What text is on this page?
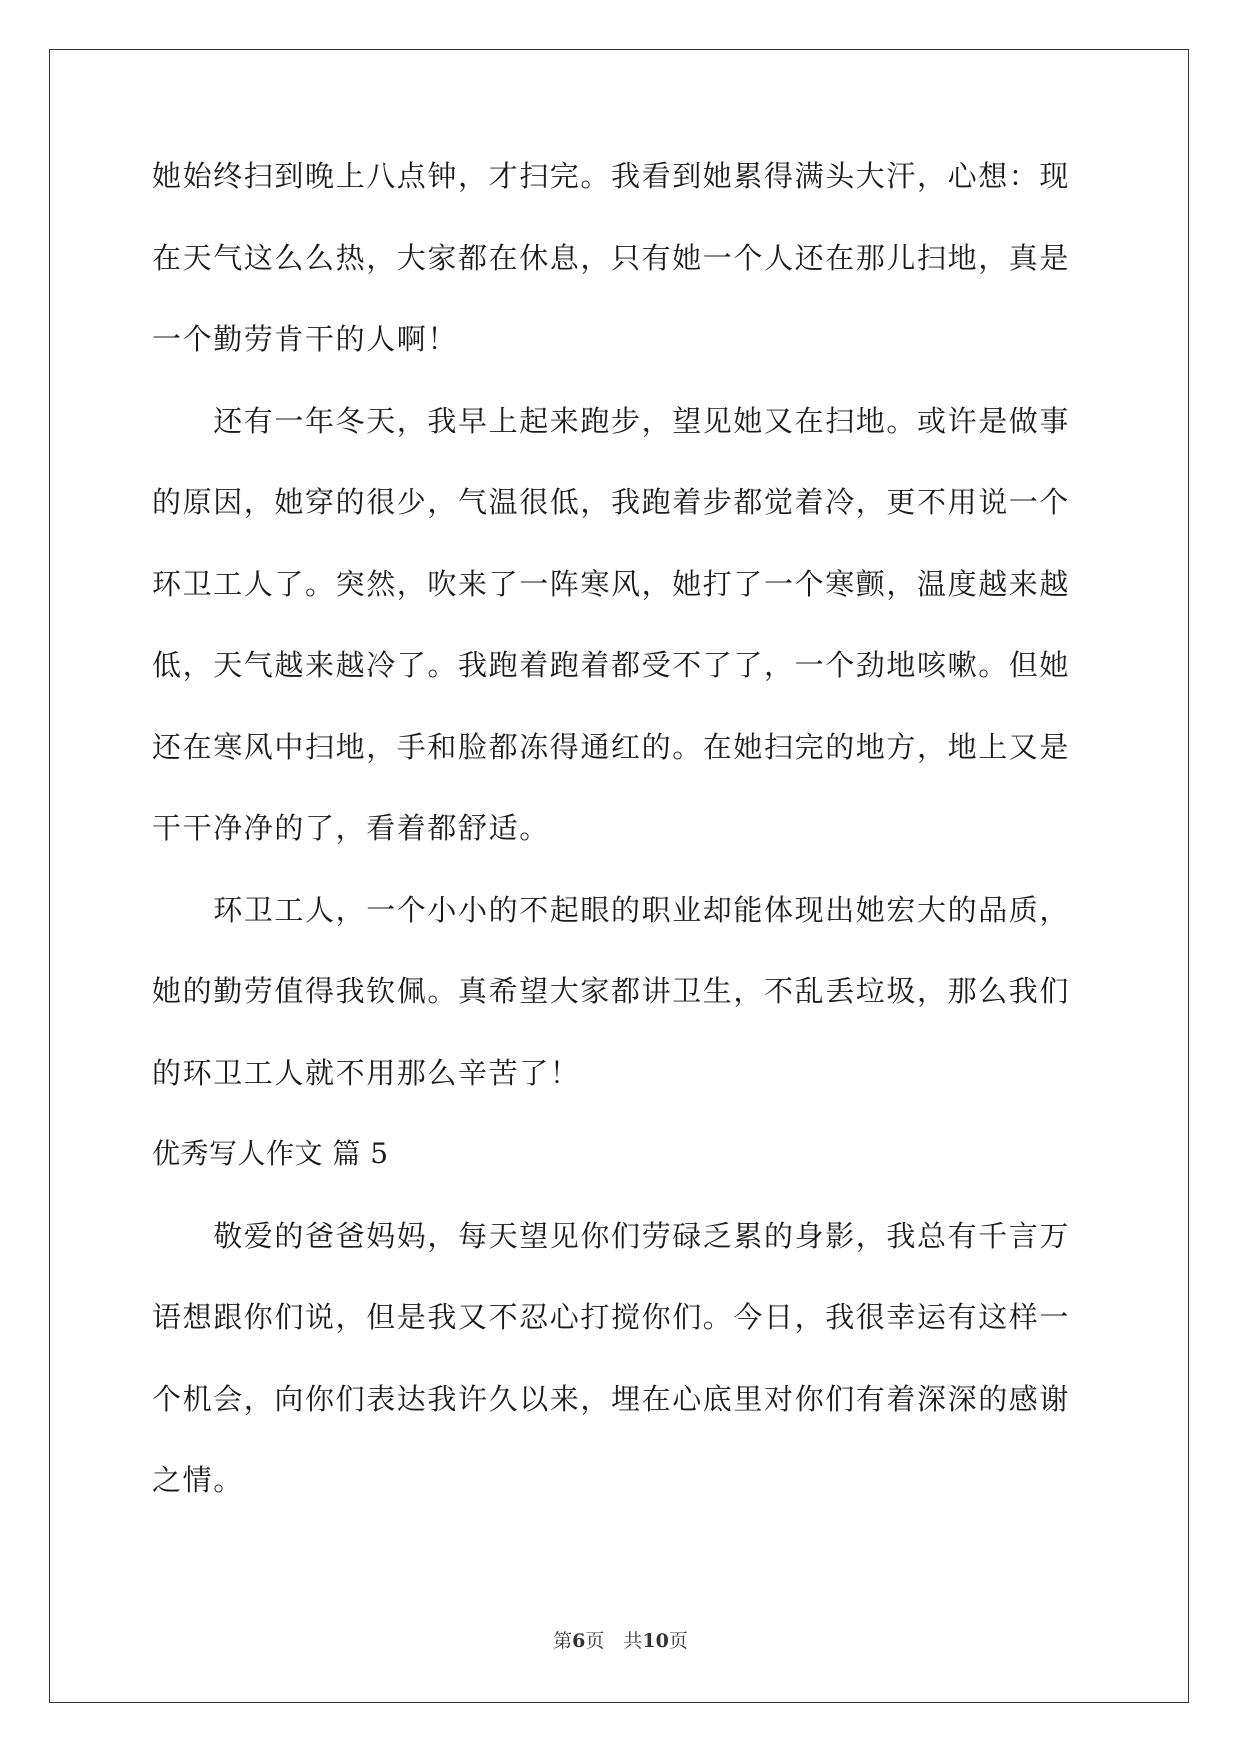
她始终扫到晚上八点钟，才扫完。我看到她累得满头大汗，心想：现
在天气这么么热，大家都在休息，只有她一个人还在那儿扫地，真是
一个勤劳肯干的人啊！
　　还有一年冬天，我早上起来跑步，望见她又在扫地。或许是做事
的原因，她穿的很少，气温很低，我跑着步都觉着冷，更不用说一个
环卫工人了。突然，吹来了一阵寒风，她打了一个寒颤，温度越来越
低，天气越来越冷了。我跑着跑着都受不了了，一个劲地咳嗽。但她
还在寒风中扫地，手和脸都冻得通红的。在她扫完的地方，地上又是
干干净净的了，看着都舒适。
　　环卫工人，一个小小的不起眼的职业却能体现出她宏大的品质，
她的勤劳值得我钦佩。真希望大家都讲卫生，不乱丢垃圾，那么我们
的环卫工人就不用那么辛苦了！
优秀写人作文 篇 5
　　敬爱的爸爸妈妈，每天望见你们劳碌乏累的身影，我总有千言万
语想跟你们说，但是我又不忍心打搅你们。今日，我很幸运有这样一
个机会，向你们表达我许久以来，埋在心底里对你们有着深深的感谢
之情。
第6页　共10页
